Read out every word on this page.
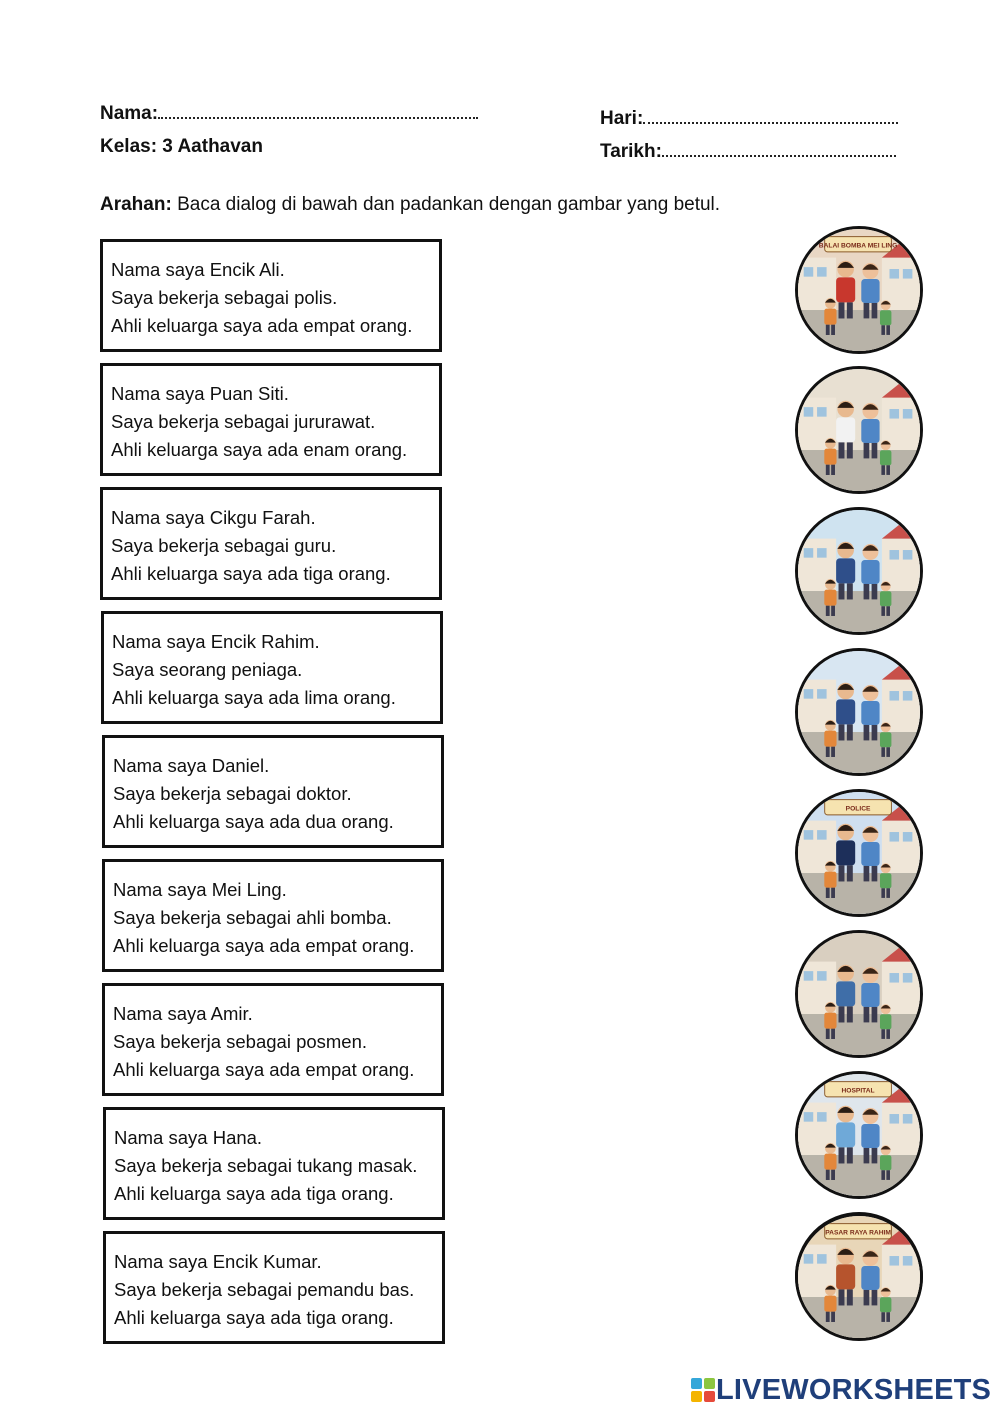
Nama:
Kelas: 3 Aathavan
Hari:
Tarikh:
Arahan: Baca dialog di bawah dan padankan dengan gambar yang betul.
Nama saya Encik Ali.
Saya bekerja sebagai polis.
Ahli keluarga saya ada empat orang.
Nama saya Puan Siti.
Saya bekerja sebagai jururawat.
Ahli keluarga saya ada enam orang.
Nama saya Cikgu Farah.
Saya bekerja sebagai guru.
Ahli keluarga saya ada tiga orang.
Nama saya Encik Rahim.
Saya seorang peniaga.
Ahli keluarga saya ada lima orang.
Nama saya Daniel.
Saya bekerja sebagai doktor.
Ahli keluarga saya ada dua orang.
Nama saya Mei Ling.
Saya bekerja sebagai ahli bomba.
Ahli keluarga saya ada empat orang.
Nama saya Amir.
Saya bekerja sebagai posmen.
Ahli keluarga saya ada empat orang.
Nama saya Hana.
Saya bekerja sebagai tukang masak.
Ahli keluarga saya ada tiga orang.
Nama saya Encik Kumar.
Saya bekerja sebagai pemandu bas.
Ahli keluarga saya ada tiga orang.
BALAI BOMBA MEI LING
POLICE
HOSPITAL
PASAR RAYA RAHIM
LIVEWORKSHEETS
